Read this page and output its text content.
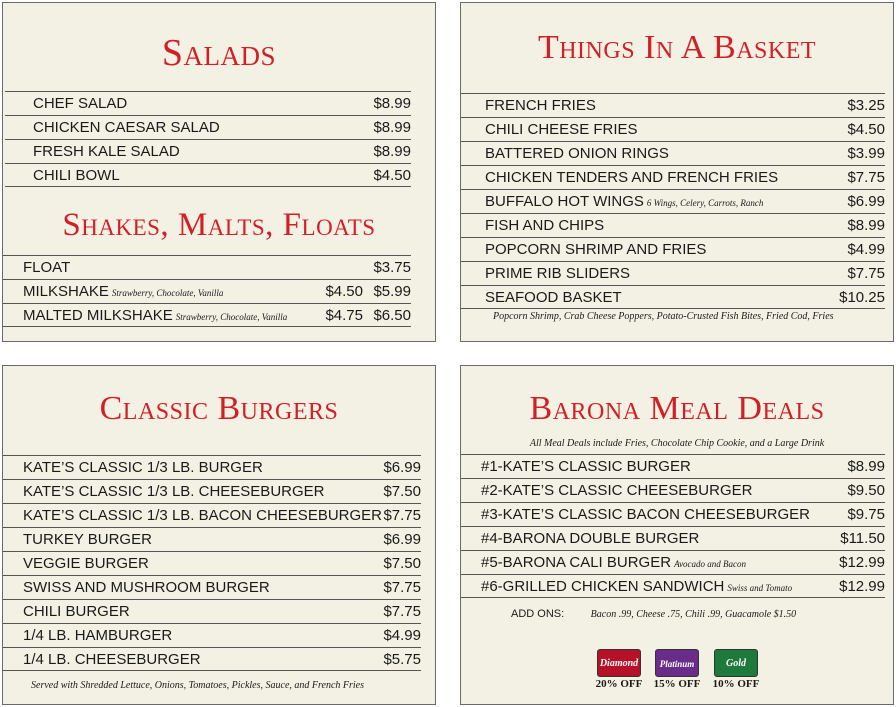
Salads
CHEF SALAD	$8.99
CHICKEN CAESAR SALAD	$8.99
FRESH KALE SALAD	$8.99
CHILI BOWL	$4.50
Shakes, Malts, Floats
FLOAT	$3.75
MILKSHAKE Strawberry, Chocolate, Vanilla	$4.50 $5.99
MALTED MILKSHAKE Strawberry, Chocolate, Vanilla	$4.75 $6.50
Things In A Basket
FRENCH FRIES	$3.25
CHILI CHEESE FRIES	$4.50
BATTERED ONION RINGS	$3.99
CHICKEN TENDERS AND FRENCH FRIES	$7.75
BUFFALO HOT WINGS 6 Wings, Celery, Carrots, Ranch	$6.99
FISH AND CHIPS	$8.99
POPCORN SHRIMP AND FRIES	$4.99
PRIME RIB SLIDERS	$7.75
SEAFOOD BASKET	$10.25
Popcorn Shrimp, Crab Cheese Poppers, Potato-Crusted Fish Bites, Fried Cod, Fries
Classic Burgers
KATE’S CLASSIC 1/3 LB. BURGER	$6.99
KATE’S CLASSIC 1/3 LB. CHEESEBURGER	$7.50
KATE’S CLASSIC 1/3 LB. BACON CHEESEBURGER $7.75
TURKEY BURGER	$6.99
VEGGIE BURGER	$7.50
SWISS AND MUSHROOM BURGER	$7.75
CHILI BURGER	$7.75
1/4 LB. HAMBURGER	$4.99
1/4 LB. CHEESEBURGER	$5.75
Served with Shredded Lettuce, Onions, Tomatoes, Pickles, Sauce, and French Fries
Barona Meal Deals
All Meal Deals include Fries, Chocolate Chip Cookie, and a Large Drink
#1-KATE’S CLASSIC BURGER	$8.99
#2-KATE’S CLASSIC CHEESEBURGER	$9.50
#3-KATE’S CLASSIC BACON CHEESEBURGER $9.75
#4-BARONA DOUBLE BURGER	$11.50
#5-BARONA CALI BURGER Avocado and Bacon	$12.99
#6-GRILLED CHICKEN SANDWICH Swiss and Tomato	$12.99
ADD ONS:	Bacon .99, Cheese .75, Chili .99, Guacamole $1.50
Diamond
20% OFF
Platinum
15% OFF
Gold
10% OFF
